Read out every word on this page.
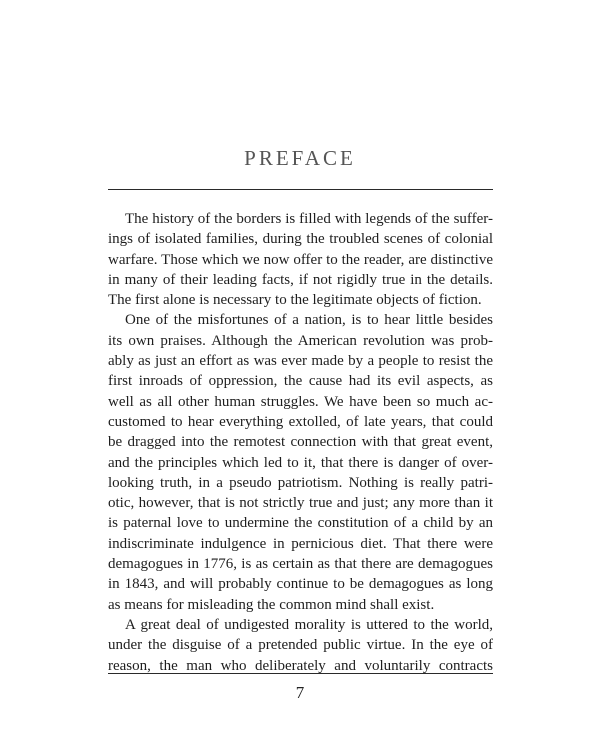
PREFACE
The history of the borders is filled with legends of the suffer-
ings of isolated families, during the troubled scenes of colonial
warfare. Those which we now offer to the reader, are distinctive
in many of their leading facts, if not rigidly true in the details.
The first alone is necessary to the legitimate objects of fiction.
One of the misfortunes of a nation, is to hear little besides
its own praises. Although the American revolution was prob-
ably as just an effort as was ever made by a people to resist the
first inroads of oppression, the cause had its evil aspects, as
well as all other human struggles. We have been so much ac-
customed to hear everything extolled, of late years, that could
be dragged into the remotest connection with that great event,
and the principles which led to it, that there is danger of over-
looking truth, in a pseudo patriotism. Nothing is really patri-
otic, however, that is not strictly true and just; any more than it
is paternal love to undermine the constitution of a child by an
indiscriminate indulgence in pernicious diet. That there were
demagogues in 1776, is as certain as that there are demagogues
in 1843, and will probably continue to be demagogues as long
as means for misleading the common mind shall exist.
A great deal of undigested morality is uttered to the world,
under the disguise of a pretended public virtue. In the eye of
reason, the man who deliberately and voluntarily contracts
7
